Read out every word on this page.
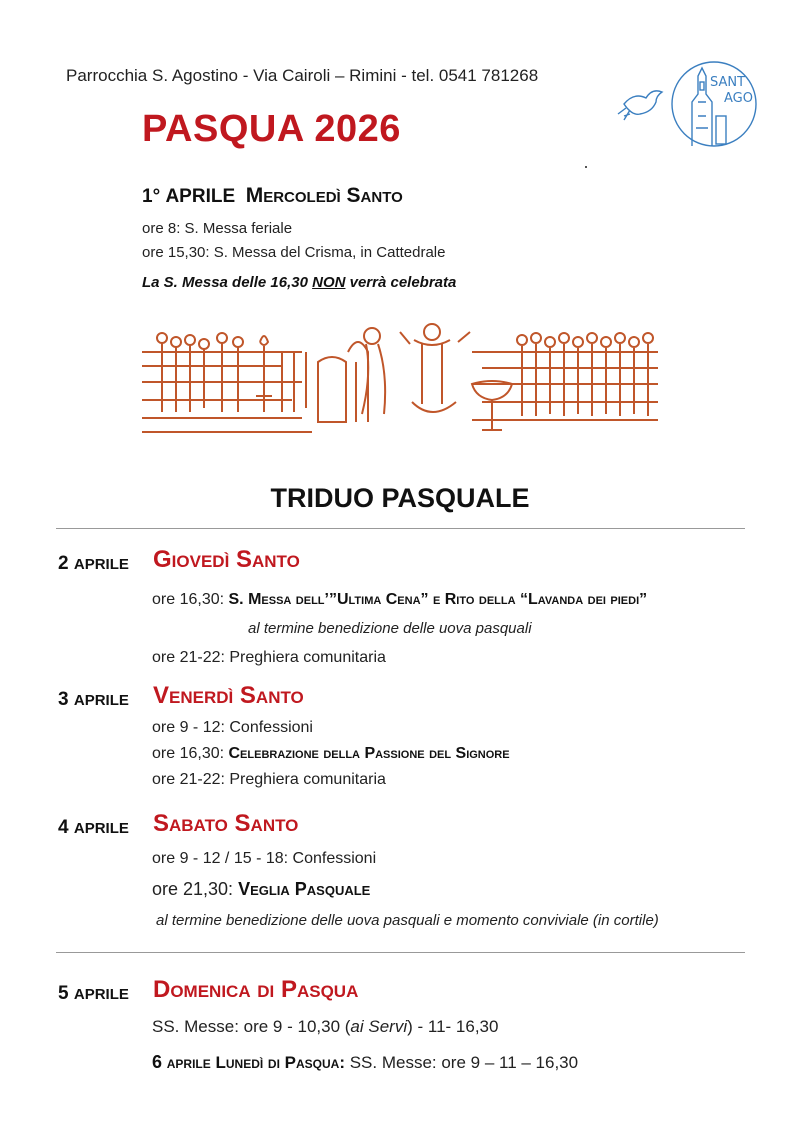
Parrocchia S. Agostino - Via Cairoli – Rimini - tel. 0541 781268	SANT
AGO
PASQUA 2026
1° APRILE Mercoledì Santo
ore 8: S. Messa feriale
ore 15,30: S. Messa del Crisma, in Cattedrale
La S. Messa delle 16,30 NON verrà celebrata
TRIDUO PASQUALE
2 APRILE Giovedì Santo
ore 16,30: S. Messa dell’”Ultima Cena” e Rito della “Lavanda dei piedi”
al termine benedizione delle uova pasquali
ore 21-22: Preghiera comunitaria
3 APRILE Venerdì Santo
ore 9 - 12: Confessioni
ore 16,30: Celebrazione della Passione del Signore
ore 21-22: Preghiera comunitaria
4 APRILE Sabato Santo
ore 9 - 12 / 15 - 18: Confessioni
ore 21,30: Veglia Pasquale
al termine benedizione delle uova pasquali e momento conviviale (in cortile)
5 APRILE Domenica di Pasqua
SS. Messe: ore 9 - 10,30 (ai Servi) - 11- 16,30
6 aprile Lunedì di Pasqua: SS. Messe: ore 9 – 11 – 16,30
